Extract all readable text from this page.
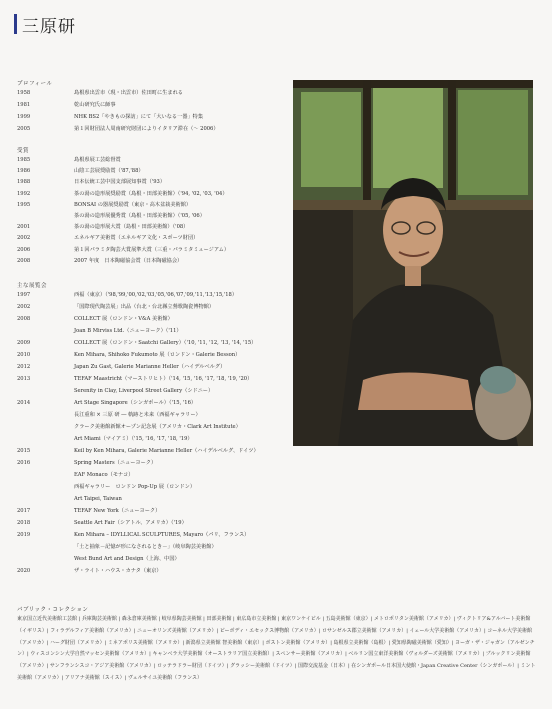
三原研
プロフィール
1958	島根県出雲市（現・出雲市）佐田町に生まれる
1981	乾山研究氏に師事
1999	NHK BS2「やきもの探訪」にて「大いなる一器」特集
2005	第１回財団法人周南研究財団によりイタリア滞在（〜 2006）
受賞
1985	島根県展工芸総督賞
1986	山陰工芸展奨励賞（'87,'88）
1988	日本伝統工芸中国支部展知事賞（'93）
1992	茶の湯の造形展奨励賞（島根・田部美術館）（'94, '02, '03, '04）
1995	BONSAI の器展奨励賞（東京・高木盆栽美術館）
茶の湯の造形展優秀賞（島根・田部美術館）（'05, '06）
2001	茶の湯の造形展大賞（島根・田部美術館）（'08）
2002	エネルギア美術賞（エネルギア文化・スポーツ財団）
2006	第１回パラミタ陶芸大賞展準大賞（三重・パラミタミュージアム）
2008	2007 年度　日本陶磁協会賞（日本陶磁協会）
主な展覧会
1997	西福（東京）（'98,'99,'00,'02,'03,'05,'06,'07,'09,'11,'13,'15,'18）
2002	「国際現代陶芸展」出品（台北・台北縣立鶯歌陶瓷博物館）
2008	COLLECT 展（ロンドン・V&A 美術館）
Joan B Mirviss Ltd.（ニューヨーク）（'11）
2009	COLLECT 展（ロンドン・Saatchi Gallery）（'10, '11, '12, '13, '14, '15）
2010	Ken Mihara, Shihoko Fukumoto 展（ロンドン・Galerie Besson）
2012	Japan Zu Gast, Galerie Marianne Heller（ハイデルベルグ）
2013	TEFAF Maastricht（マーストリヒト）（'14, '15, '16, '17, '18, '19, '20）
Serenity in Clay, Liverpool Street Gallery（シドニー）
2014	Art Stage Singapore（シンガポール）（'15, '16）
長江重和 × 三原 研 ― 軌跡と未来（西福ギャラリー）
クラーク美術館新館オープン記念展（アメリカ・Clark Art Institute）
Art Miami（マイアミ）（'15, '16, '17, '18, '19）
2015	Keil by Ken Mihara, Galerie Marianne Heller（ハイデルベルグ、ドイツ）
2016	Spring Masters（ニューヨーク）
EAF Monaco（モナコ）
西福ギャラリー　ロンドン Pop-Up 展（ロンドン）
Art Taipei, Taiwan
2017	TEFAF New York（ニューヨーク）
2018	Seattle Art Fair（シアトル、アメリカ）（'19）
2019	Ken Mihara – IDYLLICAL SCULPTURES, Mayaro（パリ、フランス）
「土と抽象－記憶が形になされるとき－」（岐阜陶芸美術館）
West Bund Art and Design（上海、中国）
2020	ザ・ライト・ハウス・カナタ（東京）
パブリック・コレクション
東京国立近代美術館工芸館 | 兵庫陶芸美術館 | 森永倉庫美術館 | 岐阜県陶芸美術館 | 田部美術館 | 東広島市立美術館 | 東京ワンケイビル | 五島美術館（東京）| メトロポリタン美術館（アメリカ）| ヴィクトリア&アルバート美術館（イギリス）| フィラデルフィア美術館（アメリカ）| ニューオリンズ美術館（アメリカ）| ピーボディ・エセックス博物館（アメリカ）| ロサンゼルス郡立美術館（アメリカ）| イェール大学美術館（アメリカ）| コーネル大学美術館（アメリカ）| ハーグ財団（アメリカ）| ミネアポリス美術館（アメリカ）| 新潟県立美術館 智美術館（東京）| ボストン美術館（アメリカ）| 島根県立美術館（島根）| 愛知県陶磁美術館（愛知）| ヨーガ・ザ・ジャガン（アルゼンチン）| ウィスコンシン大学自然マッセン美術館（アメリカ）| キャンベラ大学美術館（オーストラリア国立美術館）| スペンサー美術館（アメリカ）| ベルリン国立東洋美術館（ヴォルダーズ美術館（アメリカ）| ブルックリン美術館（アメリカ）| サンフランシスコ・アジア美術館（アメリカ）| ロッテラドラー財団（ドイツ）| グラッシー美術館（ドイツ）| 国際交流基金（日本）| 在シンガポール日本国大使館・Japan Creative Center（シンガポール）| ミント美術館（アメリカ）| アリアナ美術館（スイス）| ヴェルサイユ美術館（フランス）
